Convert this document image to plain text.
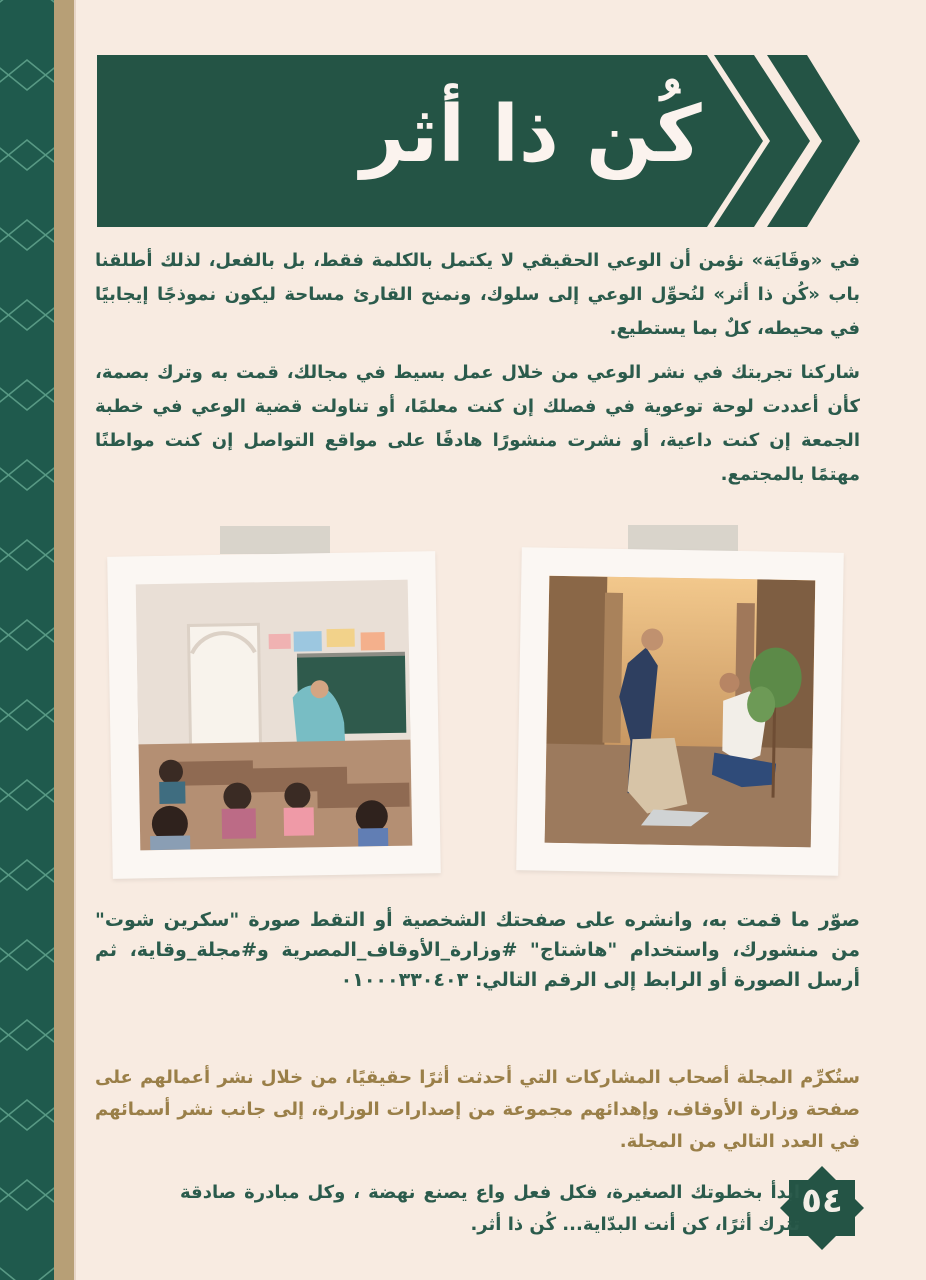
كُن ذا أثر
في «وقَايَة» نؤمن أن الوعي الحقيقي لا يكتمل بالكلمة فقط، بل بالفعل، لذلك أطلقنا باب «كُن ذا أثر» لنُحوِّل الوعي إلى سلوك، ونمنح القارئ مساحة ليكون نموذجًا إيجابيًا في محيطه، كلٌ بما يستطيع.
شاركنا تجربتك في نشر الوعي من خلال عمل بسيط في مجالك، قمت به وترك بصمة، كأن أعددت لوحة توعوية في فصلك إن كنت معلمًا، أو تناولت قضية الوعي في خطبة الجمعة إن كنت داعية، أو نشرت منشورًا هادفًا على مواقع التواصل إن كنت مواطنًا مهتمًا بالمجتمع.
صوّر ما قمت به، وانشره على صفحتك الشخصية أو التقط صورة "سكرين شوت" من منشورك، واستخدام "هاشتاج" #وزارة_الأوقاف_المصرية و#مجلة_وقاية، ثم أرسل الصورة أو الرابط إلى الرقم التالي: ٠١٠٠٠٣٣٠٤٠٣
ستُكرِّم المجلة أصحاب المشاركات التي أحدثت أثرًا حقيقيًا، من خلال نشر أعمالهم على صفحة وزارة الأوقاف، وإهدائهم مجموعة من إصدارات الوزارة، إلى جانب نشر أسمائهم في العدد التالي من المجلة.
٥٤
ابدأ بخطوتك الصغيرة، فكل فعل واع يصنع نهضة ، وكل مبادرة صادقة تترك أثرًا، كن أنت البدّاية... كُن ذا أثر.
